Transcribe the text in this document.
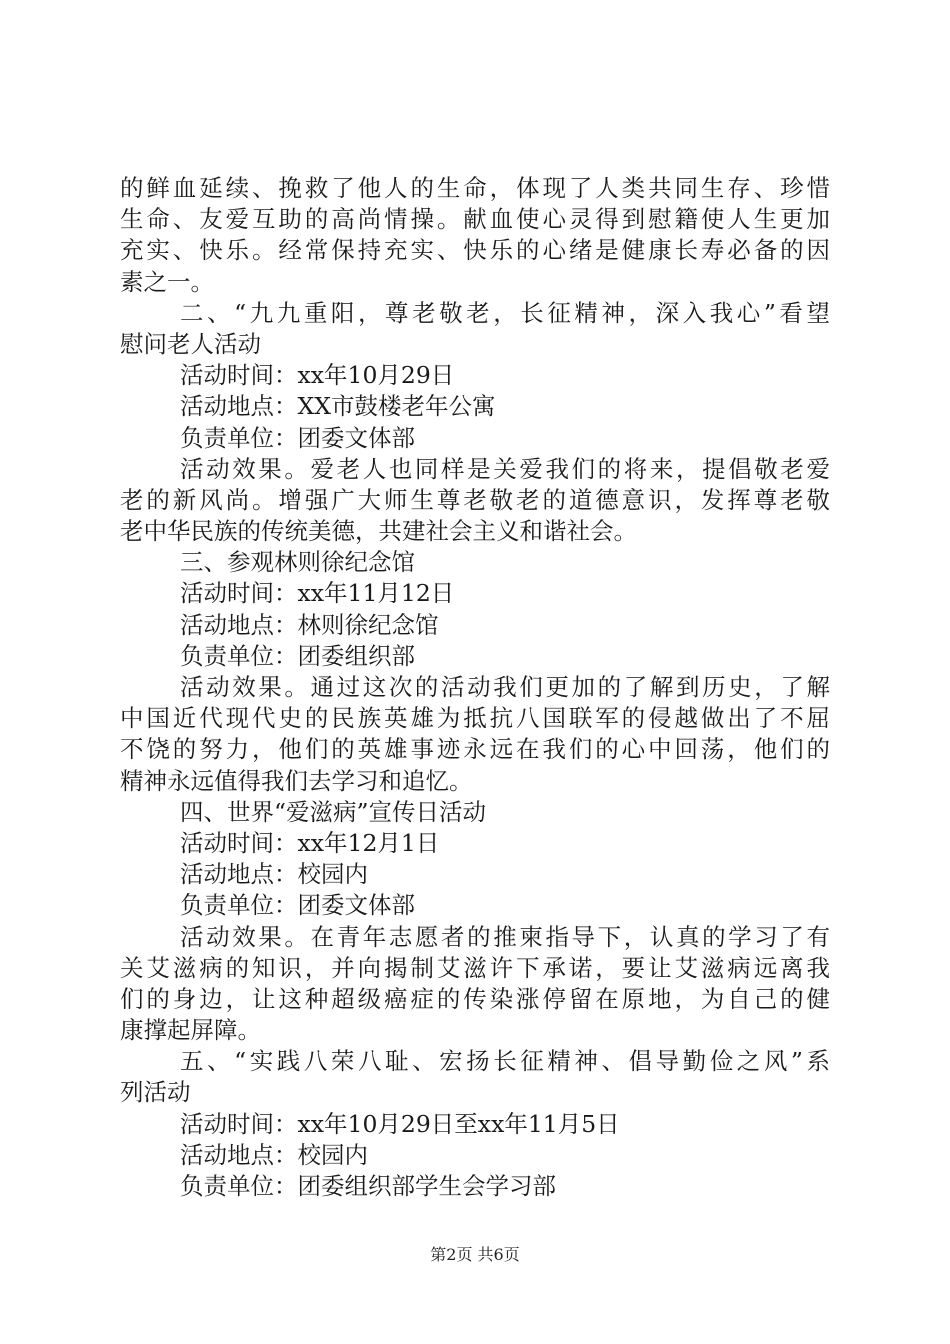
的鲜血延续、挽救了他人的生命，体现了人类共同生存、珍惜
生命、友爱互助的高尚情操。献血使心灵得到慰籍使人生更加
充实、快乐。经常保持充实、快乐的心绪是健康长寿必备的因
素之一。
二、“九九重阳，尊老敬老，长征精神，深入我心”看望
慰问老人活动
活动时间：xx年10月29日
活动地点：XX市鼓楼老年公寓
负责单位：团委文体部
活动效果。爱老人也同样是关爱我们的将来，提倡敬老爱
老的新风尚。增强广大师生尊老敬老的道德意识，发挥尊老敬
老中华民族的传统美德，共建社会主义和谐社会。
三、参观林则徐纪念馆
活动时间：xx年11月12日
活动地点：林则徐纪念馆
负责单位：团委组织部
活动效果。通过这次的活动我们更加的了解到历史，了解
中国近代现代史的民族英雄为抵抗八国联军的侵越做出了不屈
不饶的努力，他们的英雄事迹永远在我们的心中回荡，他们的
精神永远值得我们去学习和追忆。
四、世界“爱滋病”宣传日活动
活动时间：xx年12月1日
活动地点：校园内
负责单位：团委文体部
活动效果。在青年志愿者的推柬指导下，认真的学习了有
关艾滋病的知识，并向揭制艾滋许下承诺，要让艾滋病远离我
们的身边，让这种超级癌症的传染涨停留在原地，为自己的健
康撑起屏障。
五、“实践八荣八耻、宏扬长征精神、倡导勤俭之风”系
列活动
活动时间：xx年10月29日至xx年11月5日
活动地点：校园内
负责单位：团委组织部学生会学习部
第2页 共6页
